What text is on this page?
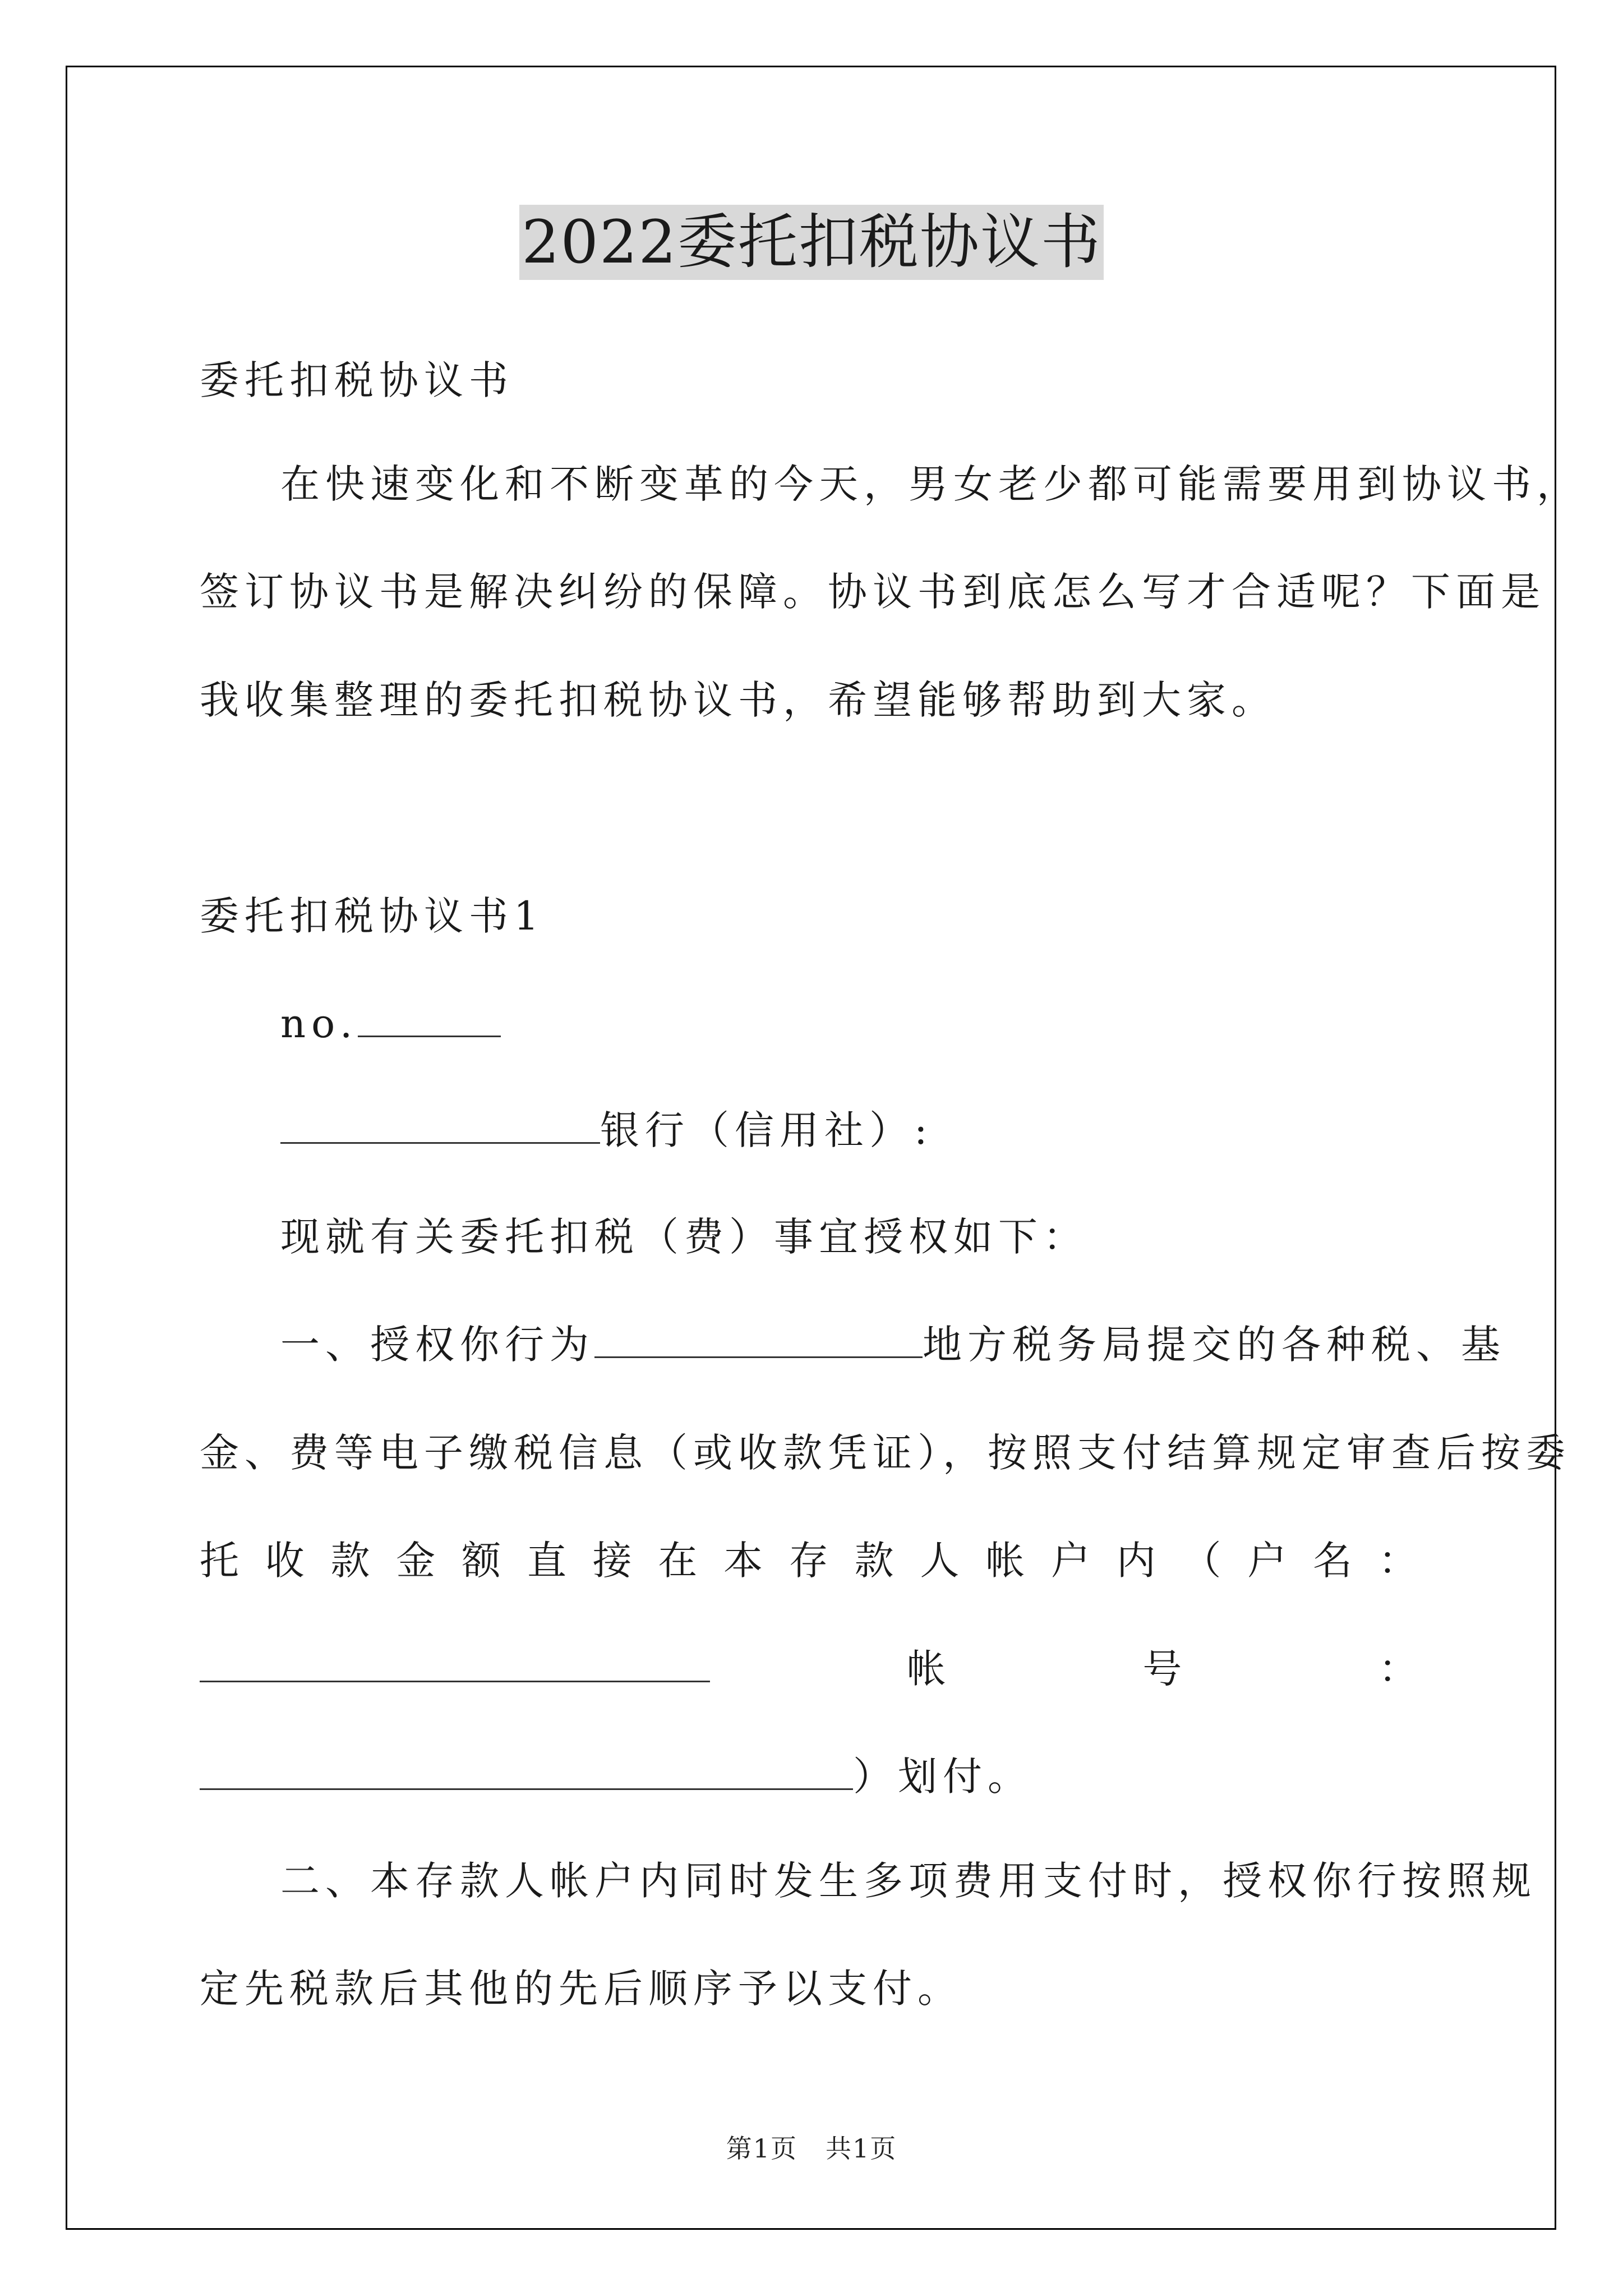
2022委托扣税协议书
委托扣税协议书
在快速变化和不断变革的今天，男女老少都可能需要用到协议书，
签订协议书是解决纠纷的保障。协议书到底怎么写才合适呢？下面是
我收集整理的委托扣税协议书，希望能够帮助到大家。
委托扣税协议书1
no.
银行（信用社）:
现就有关委托扣税（费）事宜授权如下：
一、授权你行为	地方税务局提交的各种税、基
金、费等电子缴税信息（或收款凭证），按照支付结算规定审查后按委
托 收 款 金 额 直 接 在 本 存 款 人 帐 户 内 （ 户 名 ：
帐	号	：
）划付。
二、本存款人帐户内同时发生多项费用支付时，授权你行按照规
定先税款后其他的先后顺序予以支付。
第1页 共1页
